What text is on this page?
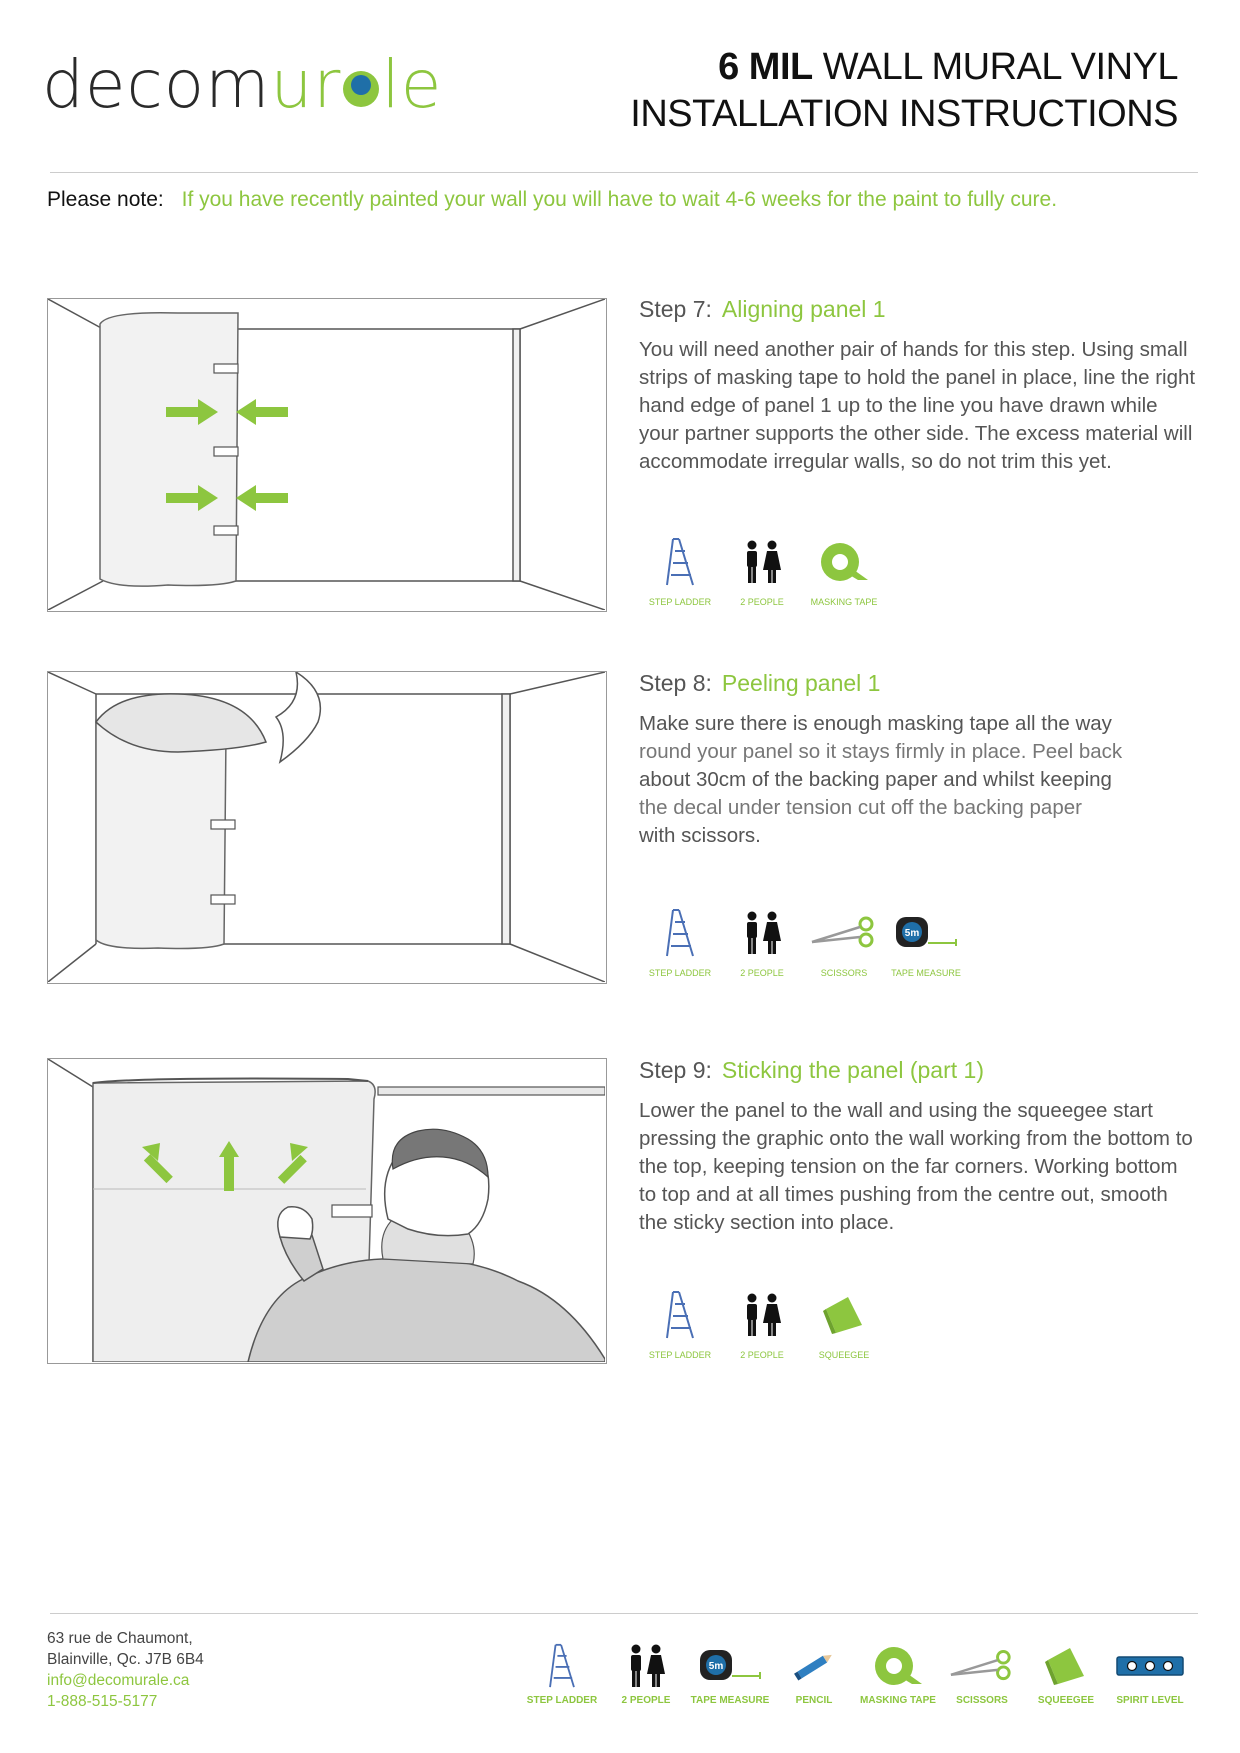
decomur le	6 MIL WALL MURAL VINYL
INSTALLATION INSTRUCTIONS
Please note: If you have recently painted your wall you will have to wait 4-6 weeks for the paint to fully cure.
Step 7: Aligning panel 1

You will need another pair of hands for this step. Using small strips of masking tape to hold the panel in place, line the right hand edge of panel 1 up to the line you have drawn while your partner supports the other side. The excess material will accommodate irregular walls, so do not trim this yet.

STEP LADDER	2 PEOPLE	MASKING TAPE
Step 8: Peeling panel 1

Make sure there is enough masking tape all the way
round your panel so it stays firmly in place. Peel back
about 30cm of the backing paper and whilst keeping
the decal under tension cut off the backing paper
with scissors.

STEP LADDER	2 PEOPLE	SCISSORS
5m
TAPE MEASURE
Step 9: Sticking the panel (part 1)

Lower the panel to the wall and using the squeegee start pressing the graphic onto the wall working from the bottom to the top, keeping tension on the far corners. Working bottom to top and at all times pushing from the centre out, smooth the sticky section into place.

STEP LADDER	2 PEOPLE	SQUEEGEE
63 rue de Chaumont,
Blainville, Qc. J7B 6B4
info@decomurale.ca
1-888-515-5177	STEP LADDER 2 PEOPLE
5m
TAPE MEASURE	PENCIL	MASKING TAPE SCISSORS	SQUEEGEE SPIRIT LEVEL
